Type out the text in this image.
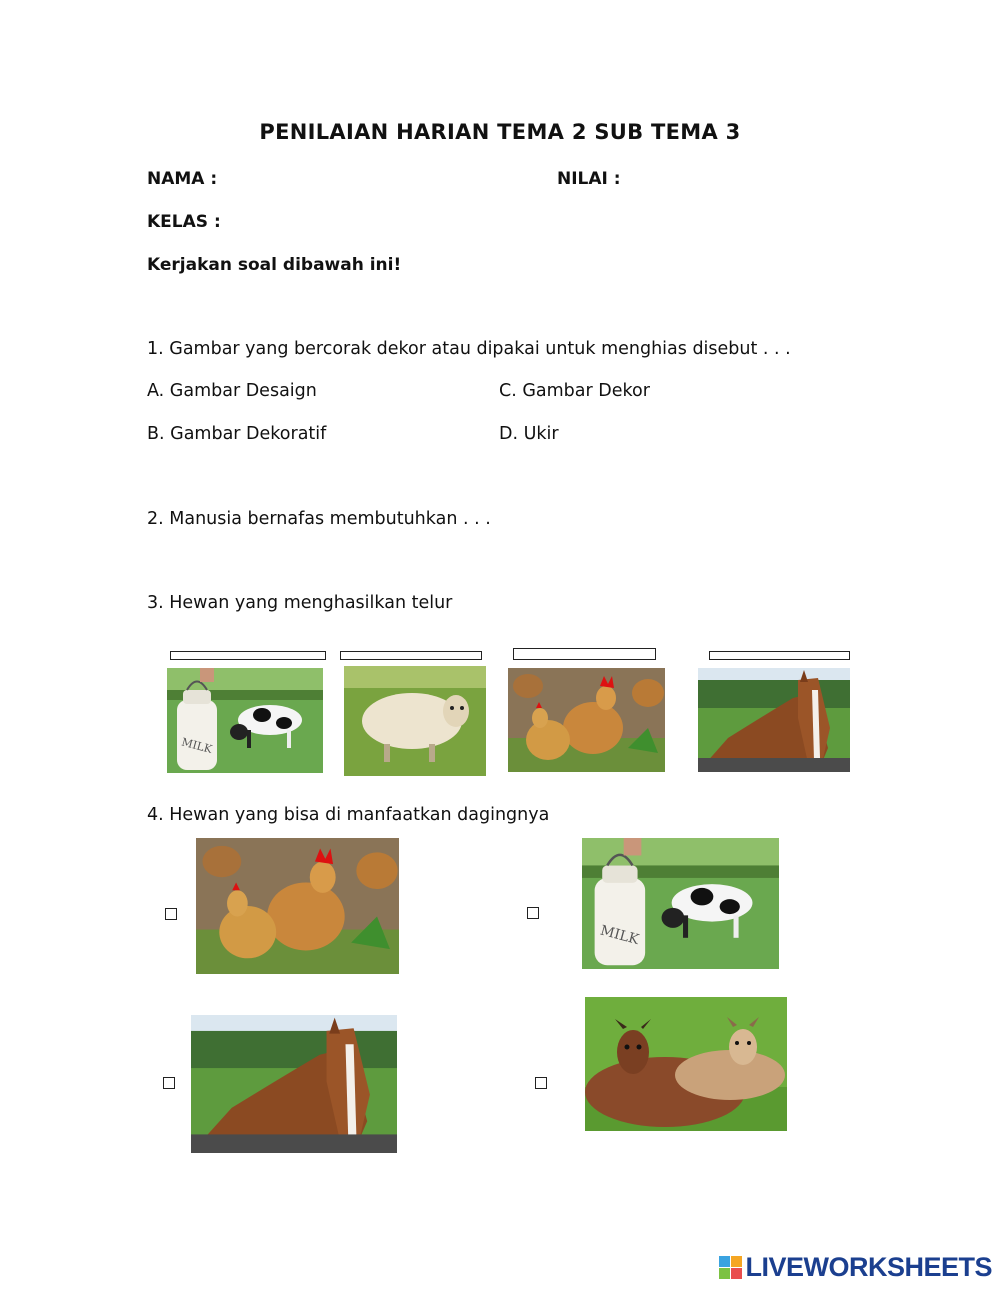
PENILAIAN HARIAN TEMA 2 SUB TEMA 3
NAMA :	NILAI :
KELAS :
Kerjakan soal dibawah ini!
1. Gambar yang bercorak dekor atau dipakai untuk menghias disebut . . .
A. Gambar Desaign
B. Gambar Dekoratif
C. Gambar Dekor
D. Ukir
2. Manusia bernafas membutuhkan . . .
3. Hewan yang menghasilkan telur
MILK
4. Hewan yang bisa di manfaatkan dagingnya
MILK
LIVEWORKSHEETS
